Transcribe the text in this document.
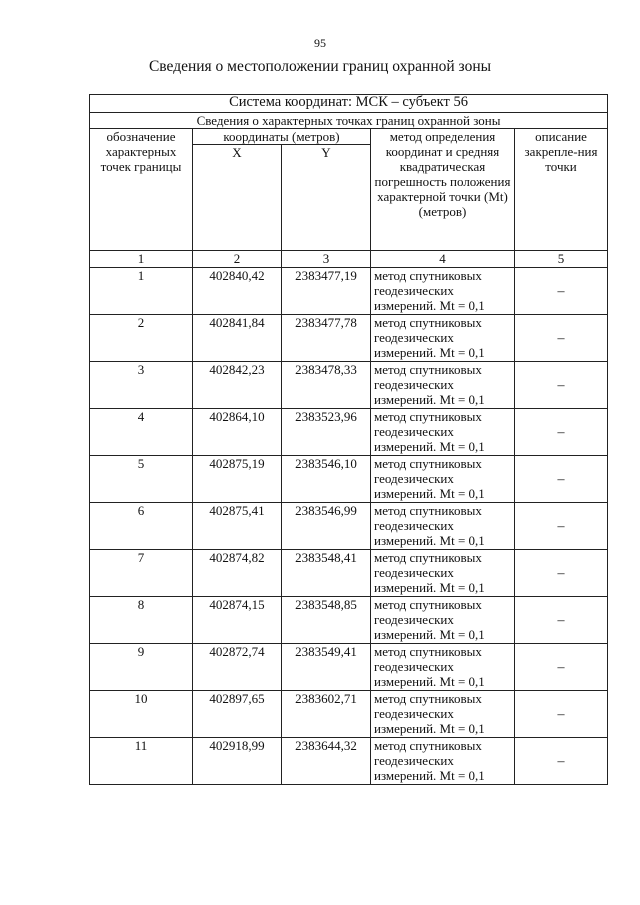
95
Сведения о местоположении границ охранной зоны
Система координат: МСК – субъект 56				
Сведения о характерных точках границ охранной зоны				
обозначение характерных точек границы	координаты (метров)		метод определения координат и средняя квадратическая погрешность положения характерной точки (Mt) (метров)	описание закрепле-ния точки
	X	Y		
1	2	3	4	5
1	402840,42	2383477,19	метод спутниковых геодезических измерений. Mt = 0,1	–
2	402841,84	2383477,78	метод спутниковых геодезических измерений. Mt = 0,1	–
3	402842,23	2383478,33	метод спутниковых геодезических измерений. Mt = 0,1	–
4	402864,10	2383523,96	метод спутниковых геодезических измерений. Mt = 0,1	–
5	402875,19	2383546,10	метод спутниковых геодезических измерений. Mt = 0,1	–
6	402875,41	2383546,99	метод спутниковых геодезических измерений. Mt = 0,1	–
7	402874,82	2383548,41	метод спутниковых геодезических измерений. Mt = 0,1	–
8	402874,15	2383548,85	метод спутниковых геодезических измерений. Mt = 0,1	–
9	402872,74	2383549,41	метод спутниковых геодезических измерений. Mt = 0,1	–
10	402897,65	2383602,71	метод спутниковых геодезических измерений. Mt = 0,1	–
11	402918,99	2383644,32	метод спутниковых геодезических измерений. Mt = 0,1	–
